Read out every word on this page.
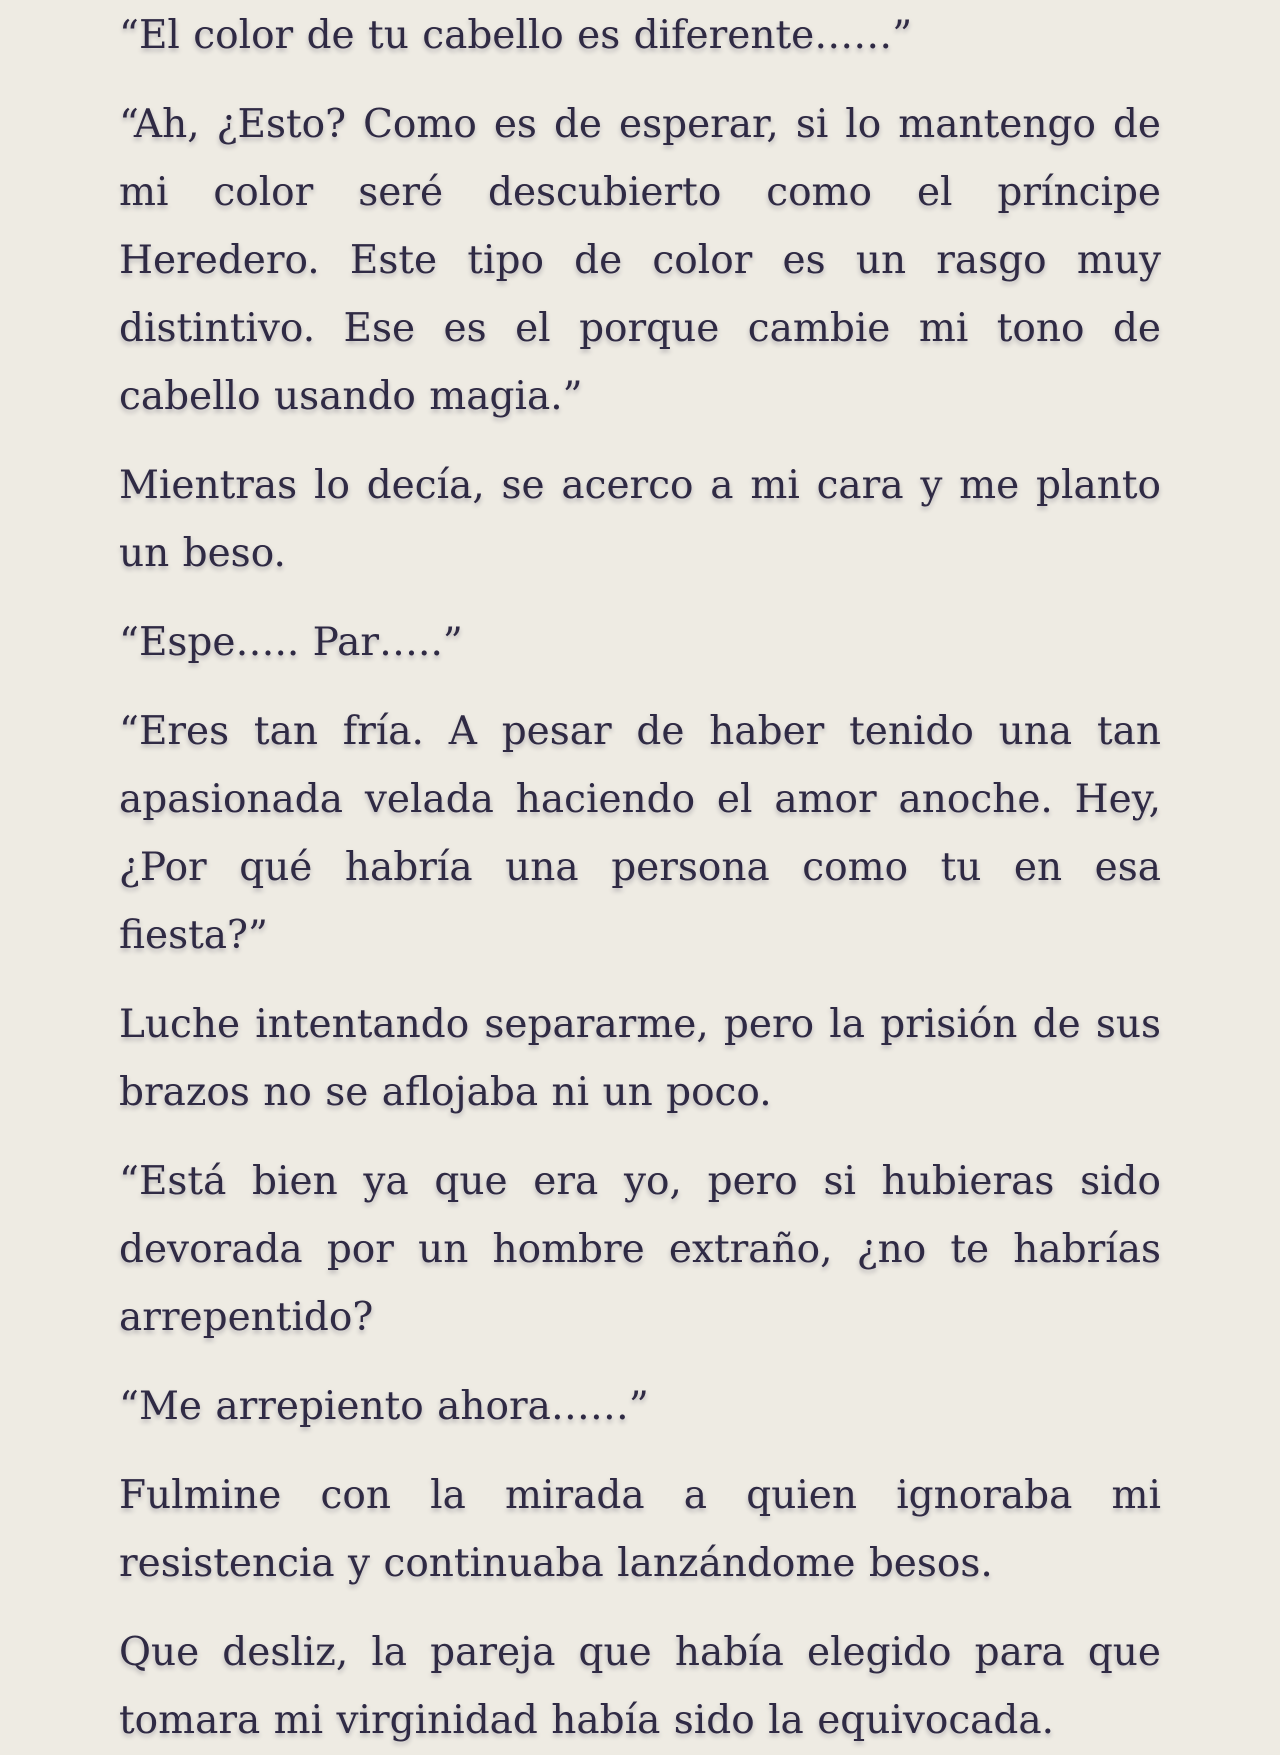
“El color de tu cabello es diferente……”

“Ah, ¿Esto? Como es de esperar, si lo mantengo de mi color seré descubierto como el príncipe Heredero. Este tipo de color es un rasgo muy distintivo. Ese es el porque cambie mi tono de cabello usando magia.”

Mientras lo decía, se acerco a mi cara y me planto un beso.

“Espe….. Par…..”

“Eres tan fría. A pesar de haber tenido una tan apasionada velada haciendo el amor anoche. Hey, ¿Por qué habría una persona como tu en esa fiesta?”

Luche intentando separarme, pero la prisión de sus brazos no se aflojaba ni un poco.

“Está bien ya que era yo, pero si hubieras sido devorada por un hombre extraño, ¿no te habrías arrepentido?

“Me arrepiento ahora……”

Fulmine con la mirada a quien ignoraba mi resistencia y continuaba lanzándome besos.

Que desliz, la pareja que había elegido para que tomara mi virginidad había sido la equivocada.
